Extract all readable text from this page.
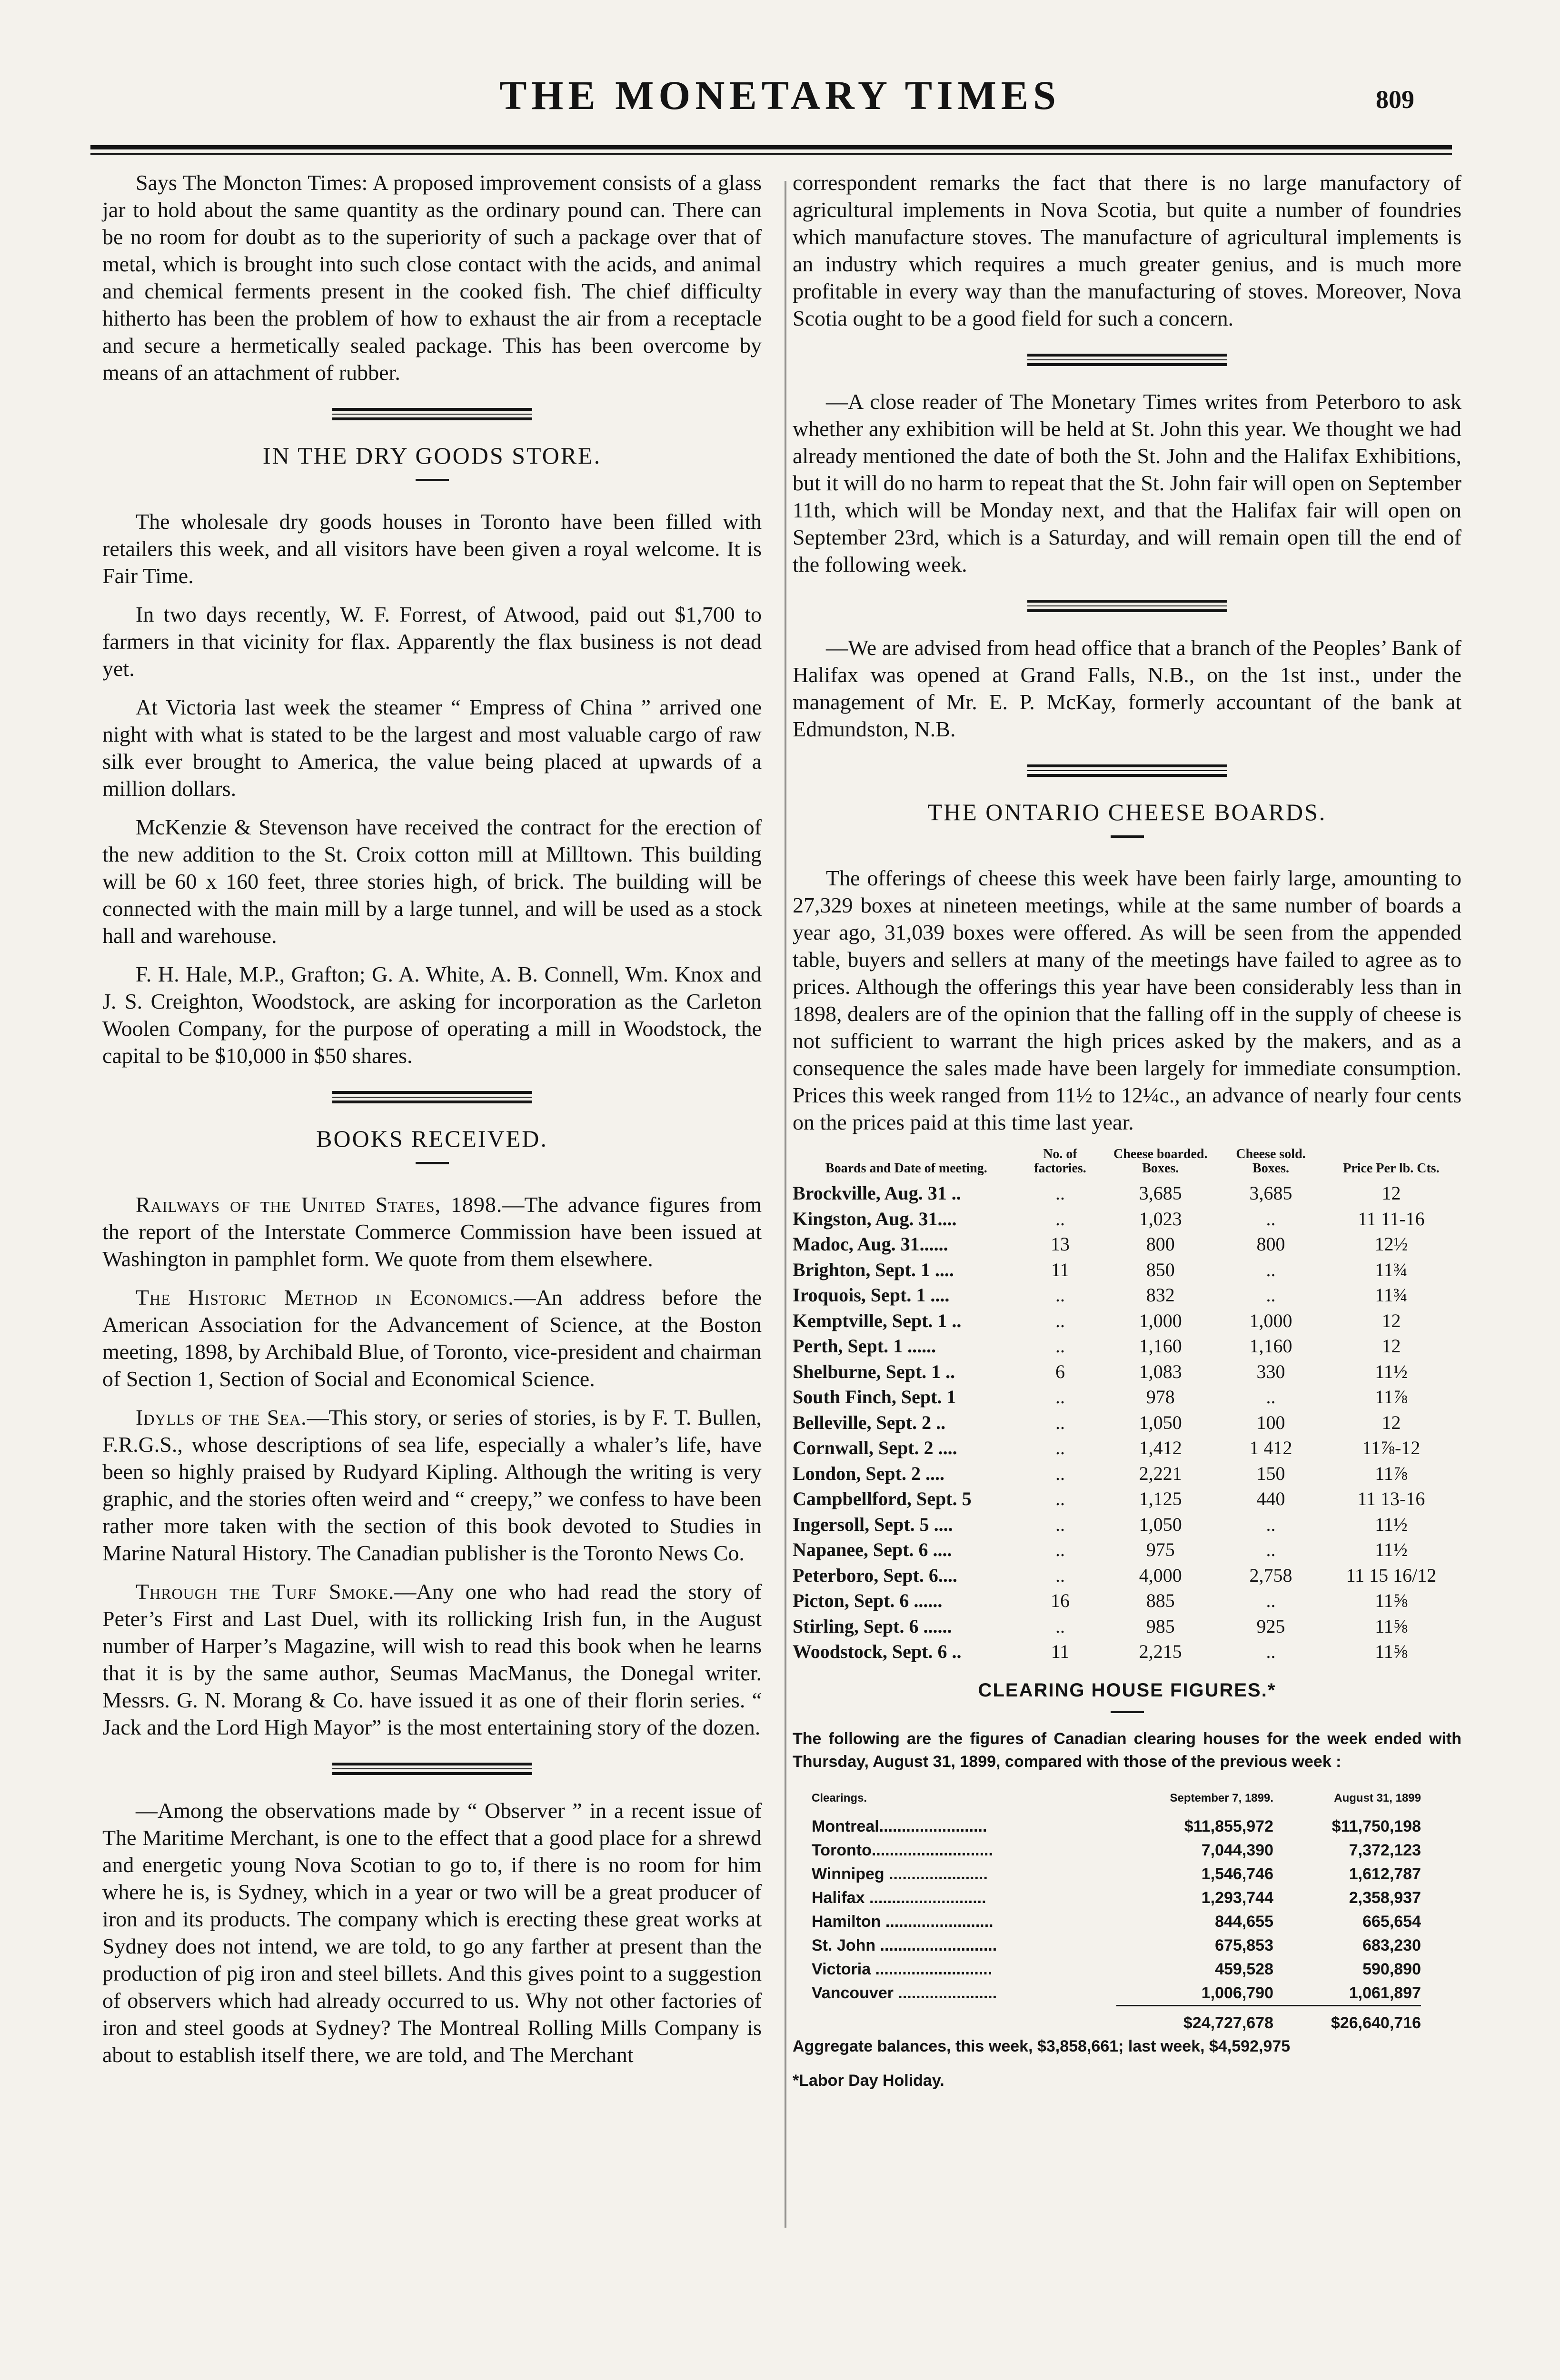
THE MONETARY TIMES	809

Says The Moncton Times: A proposed improvement consists of a glass jar to hold about the same quantity as the ordinary pound can. There can be no room for doubt as to the superiority of such a package over that of metal, which is brought into such close contact with the acids, and animal and chemical ferments present in the cooked fish. The chief difficulty hitherto has been the problem of how to exhaust the air from a receptacle and secure a hermetically sealed package. This has been overcome by means of an attachment of rubber.

IN THE DRY GOODS STORE.

The wholesale dry goods houses in Toronto have been filled with retailers this week, and all visitors have been given a royal welcome. It is Fair Time.

In two days recently, W. F. Forrest, of Atwood, paid out $1,700 to farmers in that vicinity for flax. Apparently the flax business is not dead yet.

At Victoria last week the steamer “ Empress of China ” arrived one night with what is stated to be the largest and most valuable cargo of raw silk ever brought to America, the value being placed at upwards of a million dollars.

McKenzie & Stevenson have received the contract for the erection of the new addition to the St. Croix cotton mill at Milltown. This building will be 60 x 160 feet, three stories high, of brick. The building will be connected with the main mill by a large tunnel, and will be used as a stock hall and warehouse.

F. H. Hale, M.P., Grafton; G. A. White, A. B. Connell, Wm. Knox and J. S. Creighton, Woodstock, are asking for incorporation as the Carleton Woolen Company, for the purpose of operating a mill in Woodstock, the capital to be $10,000 in $50 shares.

BOOKS RECEIVED.

Railways of the United States, 1898.—The advance figures from the report of the Interstate Commerce Commission have been issued at Washington in pamphlet form. We quote from them elsewhere.

The Historic Method in Economics.—An address before the American Association for the Advancement of Science, at the Boston meeting, 1898, by Archibald Blue, of Toronto, vice-president and chairman of Section 1, Section of Social and Economical Science.

Idylls of the Sea.—This story, or series of stories, is by F. T. Bullen, F.R.G.S., whose descriptions of sea life, especially a whaler’s life, have been so highly praised by Rudyard Kipling. Although the writing is very graphic, and the stories often weird and “ creepy,” we confess to have been rather more taken with the section of this book devoted to Studies in Marine Natural History. The Canadian publisher is the Toronto News Co.

Through the Turf Smoke.—Any one who had read the story of Peter’s First and Last Duel, with its rollicking Irish fun, in the August number of Harper’s Magazine, will wish to read this book when he learns that it is by the same author, Seumas MacManus, the Donegal writer. Messrs. G. N. Morang & Co. have issued it as one of their florin series. “ Jack and the Lord High Mayor” is the most entertaining story of the dozen.

—Among the observations made by “ Observer ” in a recent issue of The Maritime Merchant, is one to the effect that a good place for a shrewd and energetic young Nova Scotian to go to, if there is no room for him where he is, is Sydney, which in a year or two will be a great producer of iron and its products. The company which is erecting these great works at Sydney does not intend, we are told, to go any farther at present than the production of pig iron and steel billets. And this gives point to a suggestion of observers which had already occurred to us. Why not other factories of iron and steel goods at Sydney? The Montreal Rolling Mills Company is about to establish itself there, we are told, and The Merchant

correspondent remarks the fact that there is no large manufactory of agricultural implements in Nova Scotia, but quite a number of foundries which manufacture stoves. The manufacture of agricultural implements is an industry which requires a much greater genius, and is much more profitable in every way than the manufacturing of stoves. Moreover, Nova Scotia ought to be a good field for such a concern.

—A close reader of The Monetary Times writes from Peterboro to ask whether any exhibition will be held at St. John this year. We thought we had already mentioned the date of both the St. John and the Halifax Exhibitions, but it will do no harm to repeat that the St. John fair will open on September 11th, which will be Monday next, and that the Halifax fair will open on September 23rd, which is a Saturday, and will remain open till the end of the following week.

—We are advised from head office that a branch of the Peoples’ Bank of Halifax was opened at Grand Falls, N.B., on the 1st inst., under the management of Mr. E. P. McKay, formerly accountant of the bank at Edmundston, N.B.

THE ONTARIO CHEESE BOARDS.

The offerings of cheese this week have been fairly large, amounting to 27,329 boxes at nineteen meetings, while at the same number of boards a year ago, 31,039 boxes were offered. As will be seen from the appended table, buyers and sellers at many of the meetings have failed to agree as to prices. Although the offerings this year have been considerably less than in 1898, dealers are of the opinion that the falling off in the supply of cheese is not sufficient to warrant the high prices asked by the makers, and as a consequence the sales made have been largely for immediate consumption. Prices this week ranged from 11½ to 12¼c., an advance of nearly four cents on the prices paid at this time last year.

Boards and Date of meeting.	No. of factories.	Cheese boarded. Boxes.	Cheese sold. Boxes.	Price Per lb. Cts.
Brockville, Aug. 31 ..	..	3,685	3,685	12
Kingston, Aug. 31....	..	1,023	..	11 11-16
Madoc, Aug. 31......	13	800	800	12½
Brighton, Sept. 1 ....	11	850	..	11¾
Iroquois, Sept. 1 ....	..	832	..	11¾
Kemptville, Sept. 1 ..	..	1,000	1,000	12
Perth, Sept. 1 ......	..	1,160	1,160	12
Shelburne, Sept. 1 ..	6	1,083	330	11½
South Finch, Sept. 1	..	978	..	11⅞
Belleville, Sept. 2 ..	..	1,050	100	12
Cornwall, Sept. 2 ....	..	1,412	1 412	11⅞-12
London, Sept. 2 ....	..	2,221	150	11⅞
Campbellford, Sept. 5	..	1,125	440	11 13-16
Ingersoll, Sept. 5 ....	..	1,050	..	11½
Napanee, Sept. 6 ....	..	975	..	11½
Peterboro, Sept. 6....	..	4,000	2,758	11 15 16/12
Picton, Sept. 6 ......	16	885	..	11⅝
Stirling, Sept. 6 ......	..	985	925	11⅝
Woodstock, Sept. 6 ..	11	2,215	..	11⅝
CLEARING HOUSE FIGURES.*

The following are the figures of Canadian clearing houses for the week ended with Thursday, August 31, 1899, compared with those of the previous week :

Clearings.	September 7, 1899.	August 31, 1899
Montreal........................	$11,855,972	$11,750,198
Toronto...........................	7,044,390	7,372,123
Winnipeg ......................	1,546,746	1,612,787
Halifax ..........................	1,293,744	2,358,937
Hamilton ........................	844,655	665,654
St. John ..........................	675,853	683,230
Victoria ..........................	459,528	590,890
Vancouver ......................	1,006,790	1,061,897
	$24,727,678	$26,640,716

Aggregate balances, this week, $3,858,661; last week, $4,592,975

*Labor Day Holiday.
